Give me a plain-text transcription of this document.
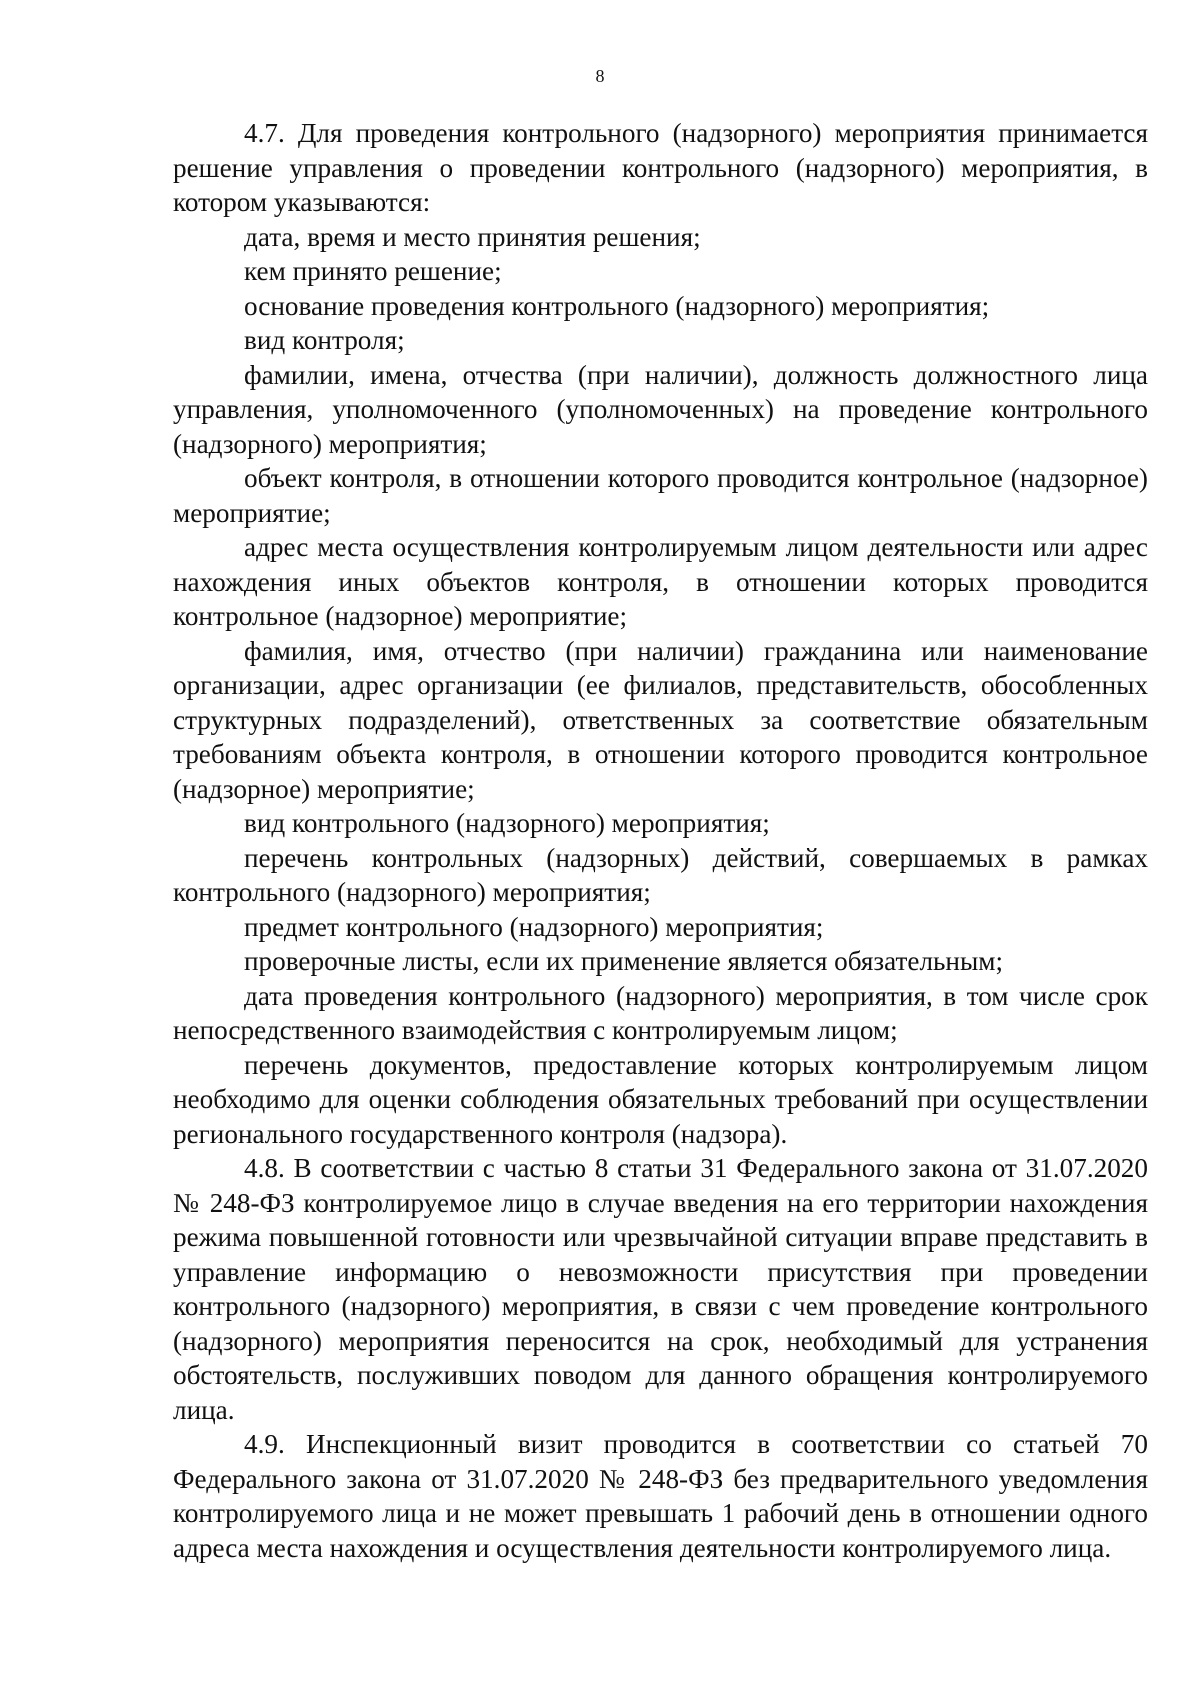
8

4.7. Для проведения контрольного (надзорного) мероприятия принимается решение управления о проведении контрольного (надзорного) мероприятия, в котором указываются:

дата, время и место принятия решения;

кем принято решение;

основание проведения контрольного (надзорного) мероприятия;

вид контроля;

фамилии, имена, отчества (при наличии), должность должностного лица управления, уполномоченного (уполномоченных) на проведение контрольного (надзорного) мероприятия;

объект контроля, в отношении которого проводится контрольное (надзорное) мероприятие;

адрес места осуществления контролируемым лицом деятельности или адрес нахождения иных объектов контроля, в отношении которых проводится контрольное (надзорное) мероприятие;

фамилия, имя, отчество (при наличии) гражданина или наименование организации, адрес организации (ее филиалов, представительств, обособленных структурных подразделений), ответственных за соответствие обязательным требованиям объекта контроля, в отношении которого проводится контрольное (надзорное) мероприятие;

вид контрольного (надзорного) мероприятия;

перечень контрольных (надзорных) действий, совершаемых в рамках контрольного (надзорного) мероприятия;

предмет контрольного (надзорного) мероприятия;

проверочные листы, если их применение является обязательным;

дата проведения контрольного (надзорного) мероприятия, в том числе срок непосредственного взаимодействия с контролируемым лицом;

перечень документов, предоставление которых контролируемым лицом необходимо для оценки соблюдения обязательных требований при осуществлении регионального государственного контроля (надзора).

4.8. В соответствии с частью 8 статьи 31 Федерального закона от 31.07.2020 № 248-ФЗ контролируемое лицо в случае введения на его территории нахождения режима повышенной готовности или чрезвычайной ситуации вправе представить в управление информацию о невозможности присутствия при проведении контрольного (надзорного) мероприятия, в связи с чем проведение контрольного (надзорного) мероприятия переносится на срок, необходимый для устранения обстоятельств, послуживших поводом для данного обращения контролируемого лица.

4.9. Инспекционный визит проводится в соответствии со статьей 70 Федерального закона от 31.07.2020 № 248-ФЗ без предварительного уведомления контролируемого лица и не может превышать 1 рабочий день в отношении одного адреса места нахождения и осуществления деятельности контролируемого лица.
